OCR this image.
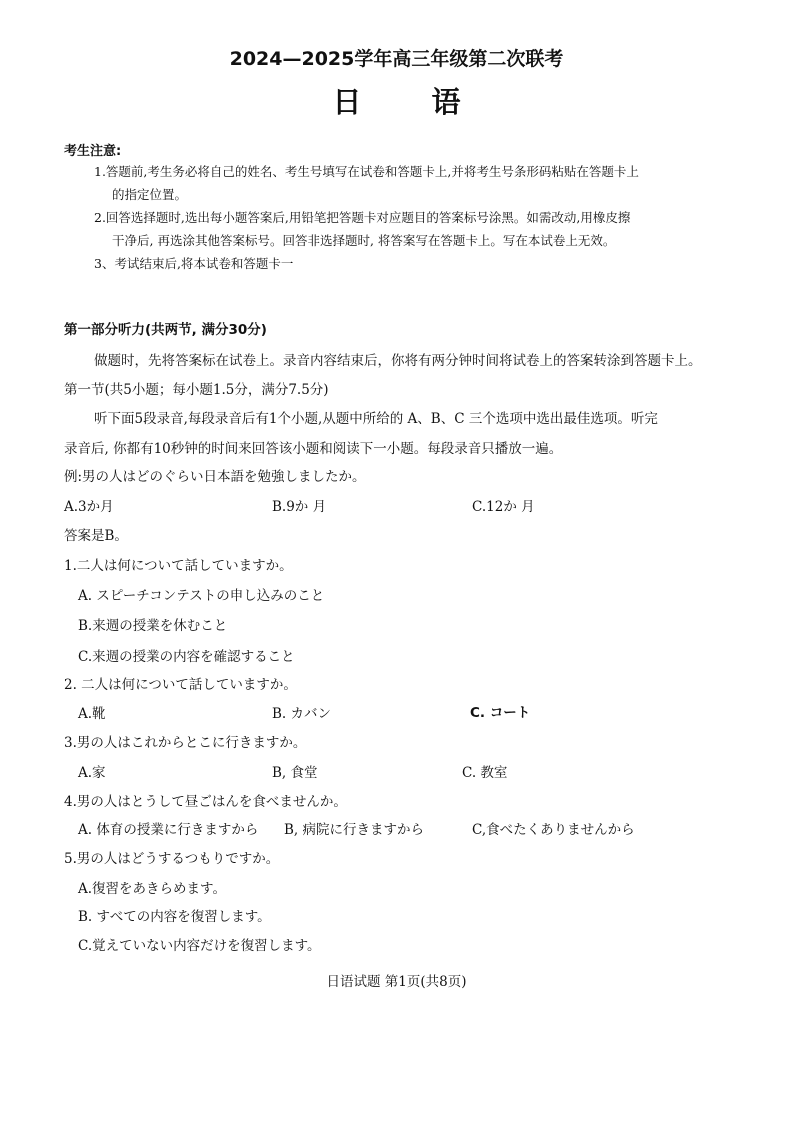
2024—2025学年高三年级第二次联考
日 语
考生注意:
1.答题前,考生务必将自己的姓名、考生号填写在试卷和答题卡上,并将考生号条形码粘贴在答题卡上
的指定位置。
2.回答选择题时,选出每小题答案后,用铅笔把答题卡对应题目的答案标号涂黑。如需改动,用橡皮擦
干净后, 再选涂其他答案标号。回答非选择题时, 将答案写在答题卡上。写在本试卷上无效。
3、考试结束后,将本试卷和答题卡一
第一部分听力(共两节, 满分30分)
做题时，先将答案标在试卷上。录音内容结束后，你将有两分钟时间将试卷上的答案转涂到答题卡上。
第一节(共5小题；每小题1.5分，满分7.5分)
听下面5段录音,每段录音后有1个小题,从题中所给的 A、B、C 三个选项中选出最佳选项。听完
录音后, 你都有10秒钟的时间来回答该小题和阅读下一小题。每段录音只播放一遍。
例:男の人はどのぐらい日本語を勉強しましたか。
A.3か月	B.9か 月	C.12か 月
答案是B。
1.二人は何について話していますか。
A. スピーチコンテストの申し込みのこと
B.来週の授業を休むこと
C.来週の授業の内容を確認すること
2. 二人は何について話していますか。
A.靴	B. カバン	C. コート
3.男の人はこれからとこに行きますか。
A.家	B, 食堂	C. 教室
4.男の人はとうして昼ごはんを食べませんか。
A. 体育の授業に行きますから B, 病院に行きますから	C,食べたくありませんから
5.男の人はどうするつもりですか。
A.復習をあきらめます。
B. すべての内容を復習します。
C.覚えていない内容だけを復習します。
日语试题 第1页(共8页)
